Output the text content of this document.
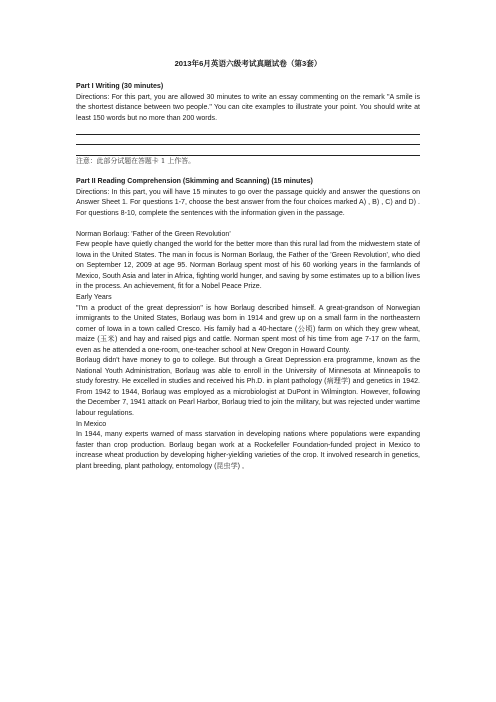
2013年6月英语六级考试真题试卷（第3套）
Part I Writing (30 minutes)

Directions: For this part, you are allowed 30 minutes to write an essay commenting on the remark "A smile is the shortest distance between two people." You can cite examples to illustrate your point. You should write at least 150 words but no more than 200 words.

注意：此部分试题在答题卡 1 上作答。
Part II Reading Comprehension (Skimming and Scanning) (15 minutes)

Directions: In this part, you will have 15 minutes to go over the passage quickly and answer the questions on Answer Sheet 1. For questions 1-7, choose the best answer from the four choices marked A) , B) , C) and D) . For questions 8-10, complete the sentences with the information given in the passage.

Norman Borlaug: 'Father of the Green Revolution'

Few people have quietly changed the world for the better more than this rural lad from the midwestern state of Iowa in the United States. The man in focus is Norman Borlaug, the Father of the 'Green Revolution', who died on September 12, 2009 at age 95. Norman Borlaug spent most of his 60 working years in the farmlands of Mexico, South Asia and later in Africa, fighting world hunger, and saving by some estimates up to a billion lives in the process. An achievement, fit for a Nobel Peace Prize.

Early Years

"I'm a product of the great depression" is how Borlaug described himself. A great-grandson of Norwegian immigrants to the United States, Borlaug was born in 1914 and grew up on a small farm in the northeastern corner of Iowa in a town called Cresco. His family had a 40-hectare (公顷) farm on which they grew wheat, maize (玉米) and hay and raised pigs and cattle. Norman spent most of his time from age 7-17 on the farm, even as he attended a one-room, one-teacher school at New Oregon in Howard County.

Borlaug didn't have money to go to college. But through a Great Depression era programme, known as the National Youth Administration, Borlaug was able to enroll in the University of Minnesota at Minneapolis to study forestry. He excelled in studies and received his Ph.D. in plant pathology (病理学) and genetics in 1942. From 1942 to 1944, Borlaug was employed as a microbiologist at DuPont in Wilmington. However, following the December 7, 1941 attack on Pearl Harbor, Borlaug tried to join the military, but was rejected under wartime labour regulations.

In Mexico

In 1944, many experts warned of mass starvation in developing nations where populations were expanding faster than crop production. Borlaug began work at a Rockefeller Foundation-funded project in Mexico to increase wheat production by developing higher-yielding varieties of the crop. It involved research in genetics, plant breeding, plant pathology, entomology (昆虫学) ,
